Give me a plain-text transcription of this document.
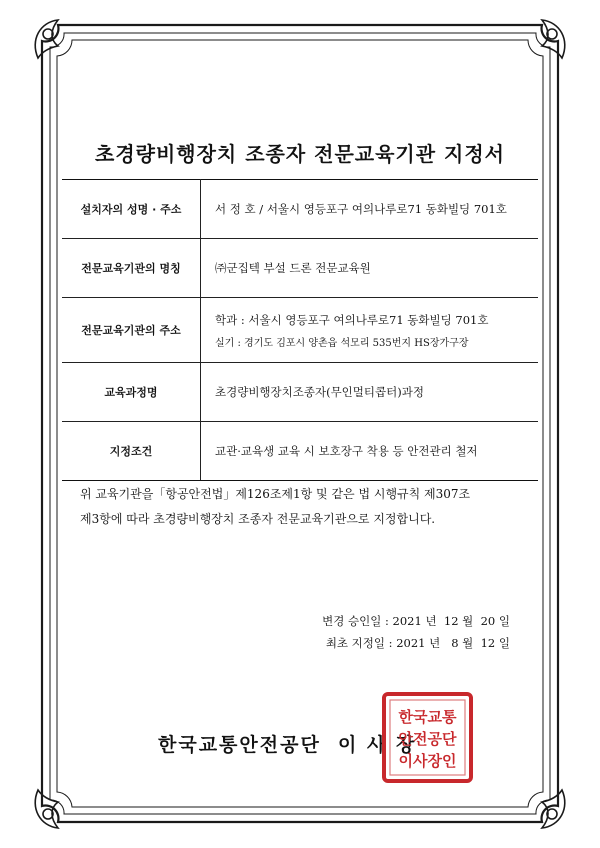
초경량비행장치 조종자 전문교육기관 지정서
설치자의 성명 · 주소	서 정 호 / 서울시 영등포구 여의나루로71 동화빌딩 701호
전문교육기관의 명칭	㈜군집텍 부설 드론 전문교육원
전문교육기관의 주소	학과 : 서울시 영등포구 여의나루로71 동화빌딩 701호
실기 : 경기도 김포시 양촌읍 석모리 535번지 HS장가구장

교육과정명	초경량비행장치조종자(무인멀티콥터)과정
지정조건	교관·교육생 교육 시 보호장구 착용 등 안전관리 철저
위 교육기관을「항공안전법」제126조제1항 및 같은 법 시행규칙 제307조
제3항에 따라 초경량비행장치 조종자 전문교육기관으로 지정합니다.
변경 승인일 : 2021 년  12 월  20 일
최초 지정일 : 2021 년   8 월  12 일
한국교통안전공단  이 사 장
한국교통
안전공단
이사장인
